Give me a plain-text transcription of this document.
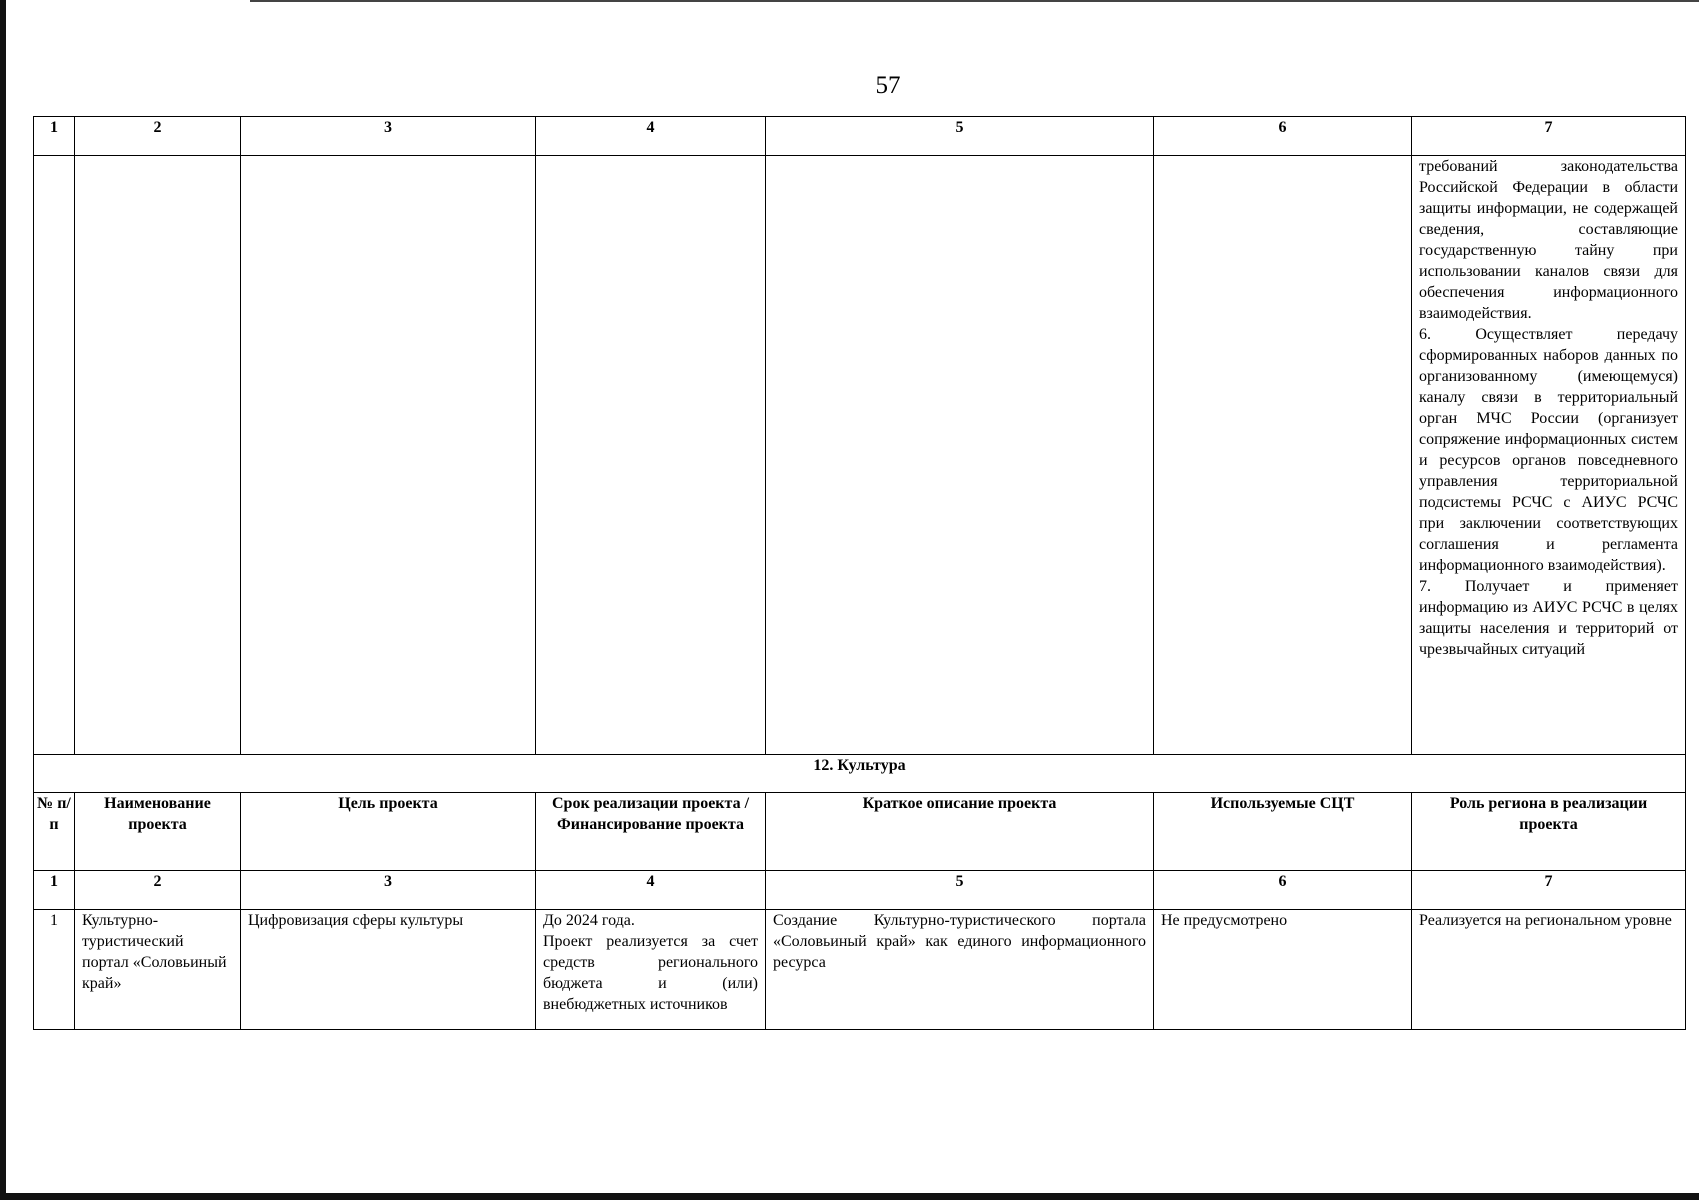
57
1	2	3	4	5	6	7

						требований законодательства Российской Федерации в области защиты информации, не содержащей сведения, составляющие государственную тайну при использовании каналов связи для обеспечения информационного взаимодействия.
6. Осуществляет передачу сформированных наборов данных по организованному (имеющемуся) каналу связи в территориальный орган МЧС России (организует сопряжение информационных систем и ресурсов органов повседневного управления территориальной подсистемы РСЧС с АИУС РСЧС при заключении соответствующих соглашения и регламента информационного взаимодействия).
7. Получает и применяет информацию из АИУС РСЧС в целях защиты населения и территорий от чрезвычайных ситуаций

12. Культура						
№ п/п	Наименование проекта	Цель проекта	Срок реализации проекта / Финансирование проекта	Краткое описание проекта	Используемые СЦТ	Роль региона в реализации проекта
1	2	3	4	5	6	7
1	Культурно-туристический портал «Соловьиный край»	Цифровизация сферы культуры	До 2024 года.
Проект реализуется за счет средств регионального бюджета и (или) внебюджетных источников	Создание Культурно-туристического портала «Соловьиный край» как единого информационного ресурса	Не предусмотрено	Реализуется на региональном уровне
